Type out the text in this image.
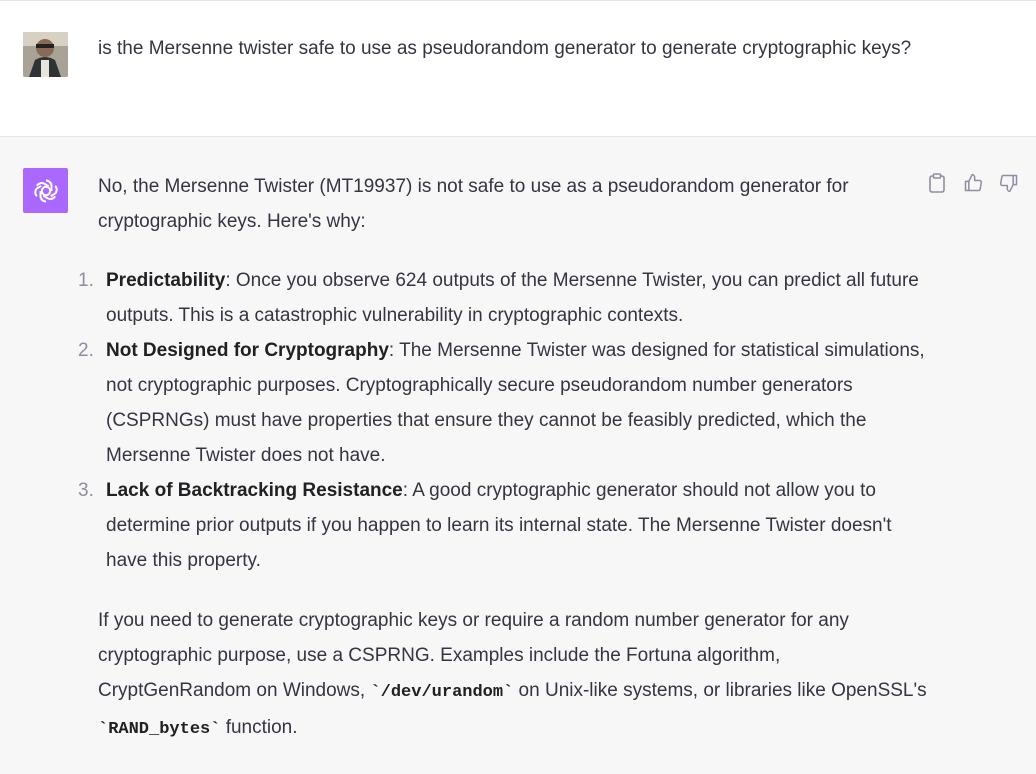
is the Mersenne twister safe to use as pseudorandom generator to generate cryptographic keys?

No, the Mersenne Twister (MT19937) is not safe to use as a pseudorandom generator for cryptographic keys. Here's why:

1. Predictability: Once you observe 624 outputs of the Mersenne Twister, you can predict all future outputs. This is a catastrophic vulnerability in cryptographic contexts.
2. Not Designed for Cryptography: The Mersenne Twister was designed for statistical simulations, not cryptographic purposes. Cryptographically secure pseudorandom number generators (CSPRNGs) must have properties that ensure they cannot be feasibly predicted, which the Mersenne Twister does not have.
3. Lack of Backtracking Resistance: A good cryptographic generator should not allow you to determine prior outputs if you happen to learn its internal state. The Mersenne Twister doesn't have this property.

If you need to generate cryptographic keys or require a random number generator for any cryptographic purpose, use a CSPRNG. Examples include the Fortuna algorithm, CryptGenRandom on Windows, `/dev/urandom` on Unix-like systems, or libraries like OpenSSL's `RAND_bytes` function.
